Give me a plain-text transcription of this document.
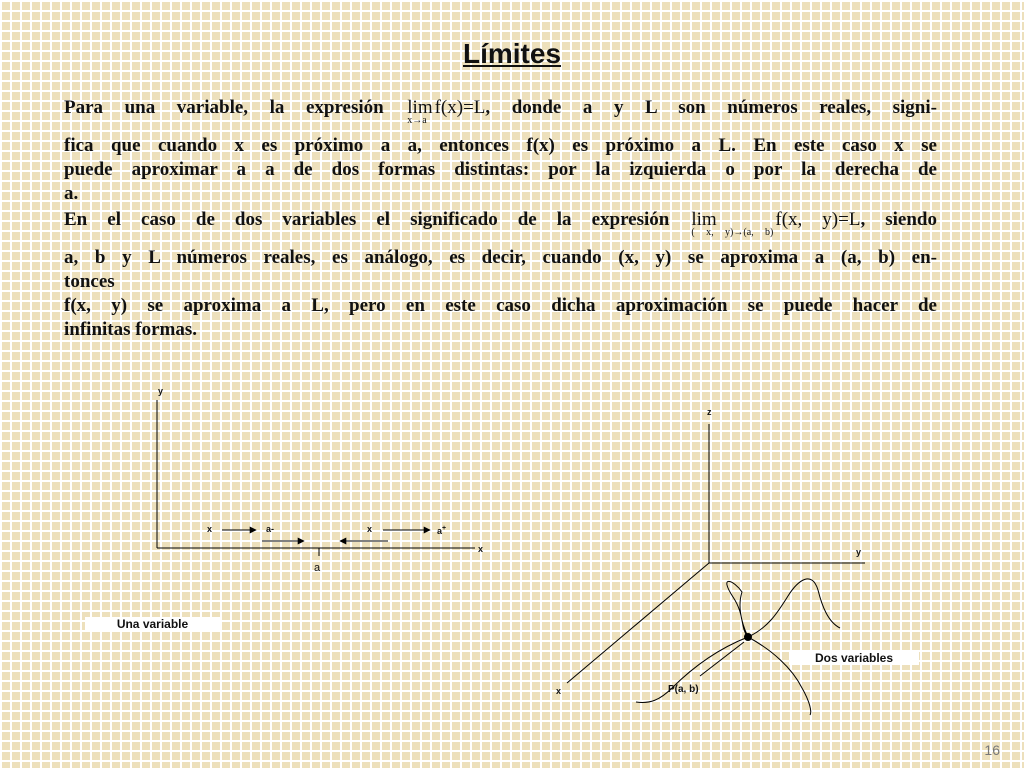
Límites
Para una variable, la expresión lim
x→a
f(x)=L, donde a y L son números reales, signi-
fica que cuando x es próximo a a, entonces f(x) es próximo a L. En este caso x se
puede aproximar a a de dos formas distintas: por la izquierda o por la derecha de
a.
En el caso de dos variables el significado de la expresión lim
( x, y)→(a, b)
f(x, y)=L, siendo
a, b y L números reales, es análogo, es decir, cuando (x, y) se aproxima a (a, b) en-
tonces
f(x, y) se aproxima a L, pero en este caso dicha aproximación se puede hacer de
infinitas formas.
y
x
a
x	a-	x	a+
Una variable
z
y
x	P(a, b)
Dos variables
16
